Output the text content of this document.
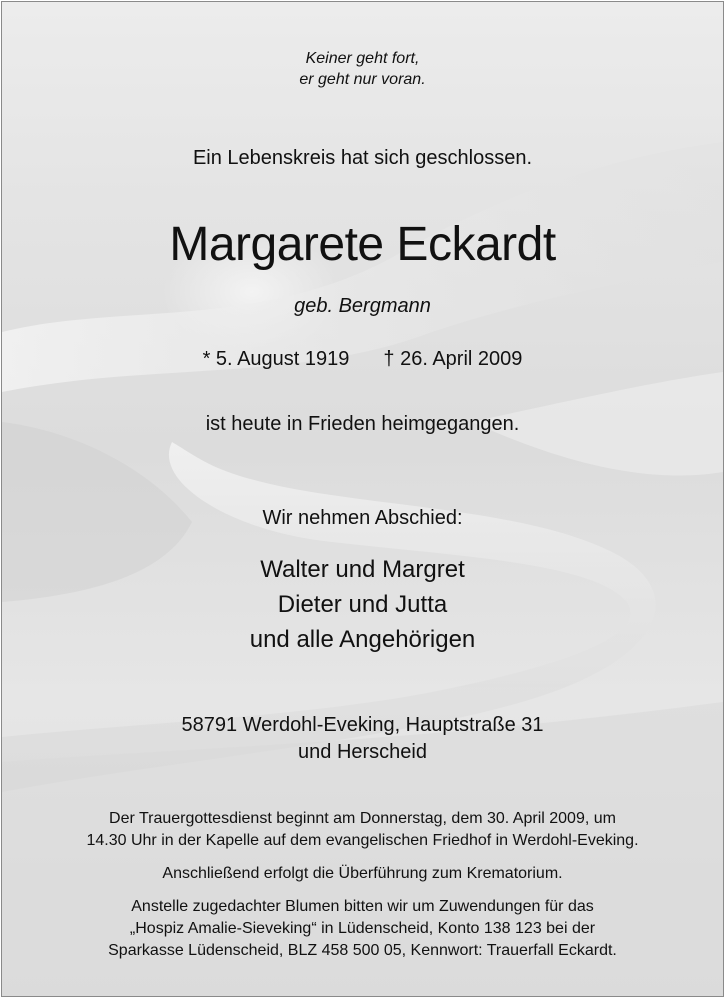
Keiner geht fort,
er geht nur voran.
Ein Lebenskreis hat sich geschlossen.
Margarete Eckardt
geb. Bergmann
* 5. August 1919 † 26. April 2009
ist heute in Frieden heimgegangen.
Wir nehmen Abschied:
Walter und Margret
Dieter und Jutta
und alle Angehörigen
58791 Werdohl-Eveking, Hauptstraße 31
und Herscheid
Der Trauergottesdienst beginnt am Donnerstag, dem 30. April 2009, um
14.30 Uhr in der Kapelle auf dem evangelischen Friedhof in Werdohl-Eveking.
Anschließend erfolgt die Überführung zum Krematorium.
Anstelle zugedachter Blumen bitten wir um Zuwendungen für das
„Hospiz Amalie-Sieveking“ in Lüdenscheid, Konto 138 123 bei der
Sparkasse Lüdenscheid, BLZ 458 500 05, Kennwort: Trauerfall Eckardt.
